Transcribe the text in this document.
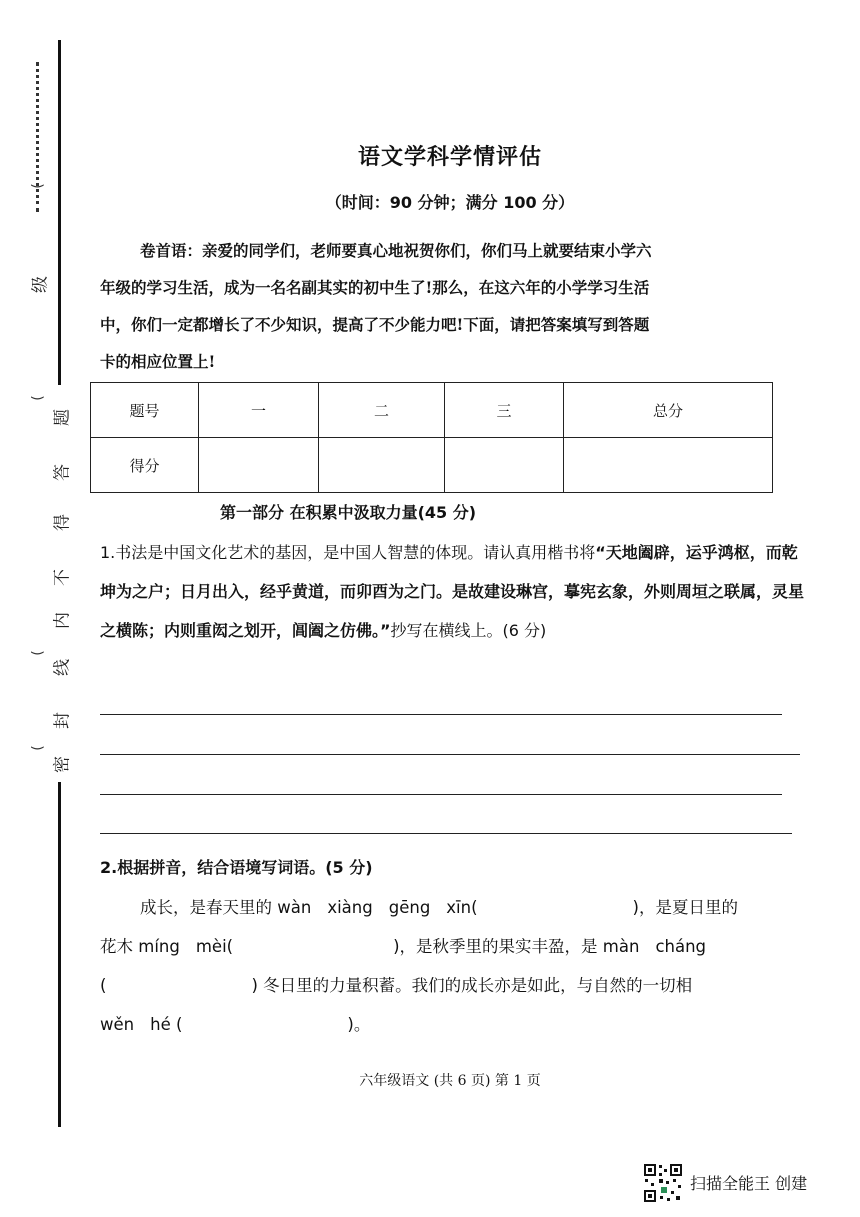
(
级
(
题
答
得
不
内
(
线
封
(
密
语文学科学情评估
（时间：90 分钟；满分 100 分）
卷首语：亲爱的同学们，老师要真心地祝贺你们，你们马上就要结束小学六
年级的学习生活，成为一名名副其实的初中生了!那么，在这六年的小学学习生活
中，你们一定都增长了不少知识，提高了不少能力吧!下面，请把答案填写到答题
卡的相应位置上!
题号	一	二	三	总分
得分				
第一部分 在积累中汲取力量(45 分)
1.书法是中国文化艺术的基因，是中国人智慧的体现。请认真用楷书将“天地阖辟，运乎鸿枢，而乾坤为之户；日月出入，经乎黄道，而卯酉为之门。是故建设琳宫，摹宪玄象，外则周垣之联属，灵星之横陈；内则重闳之划开，阊阖之仿佛。”抄写在横线上。(6 分)
2.根据拼音，结合语境写词语。(5 分)
成长，是春天里的 wàn xiàng gēng xīn(	)，是夏日里的
花木 míng mèi(	)，是秋季里的果实丰盈，是 màn cháng
(	) 冬日里的力量积蓄。我们的成长亦是如此，与自然的一切相
wěn hé (	)。
六年级语文 (共 6 页) 第 1 页
扫描全能王 创建
